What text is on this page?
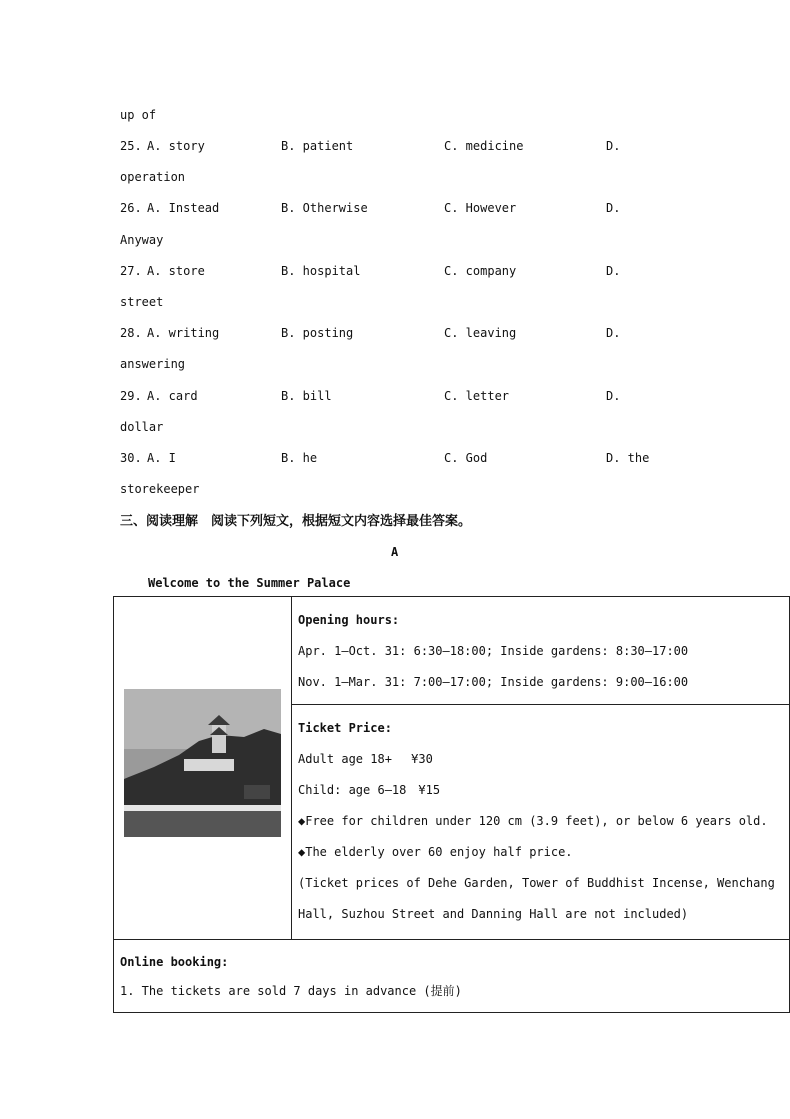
up of
25. A. story	B. patient	C. medicine	D.
operation
26. A. Instead	B. Otherwise	C. However	D.
Anyway
27. A. store	B. hospital	C. company	D.
street
28. A. writing	B. posting	C. leaving	D.
answering
29. A. card	B. bill	C. letter	D.
dollar
30. A. I	B. he	C. God	D. the
storekeeper
三、阅读理解　阅读下列短文，根据短文内容选择最佳答案。
A
Welcome to the Summer Palace

Opening hours:
Apr. 1—Oct. 31: 6:30—18:00; Inside gardens: 8:30—17:00
Nov. 1—Mar. 31: 7:00—17:00; Inside gardens: 9:00—16:00

Ticket Price:
Adult age 18+　 ¥30
Child: age 6—18　¥15
◆Free for children under 120 cm (3.9 feet), or below 6 years old.
◆The elderly over 60 enjoy half price.
(Ticket prices of Dehe Garden, Tower of Buddhist Incense, Wenchang
Hall, Suzhou Street and Danning Hall are not included)

Online booking:
1. The tickets are sold 7 days in advance (提前)
